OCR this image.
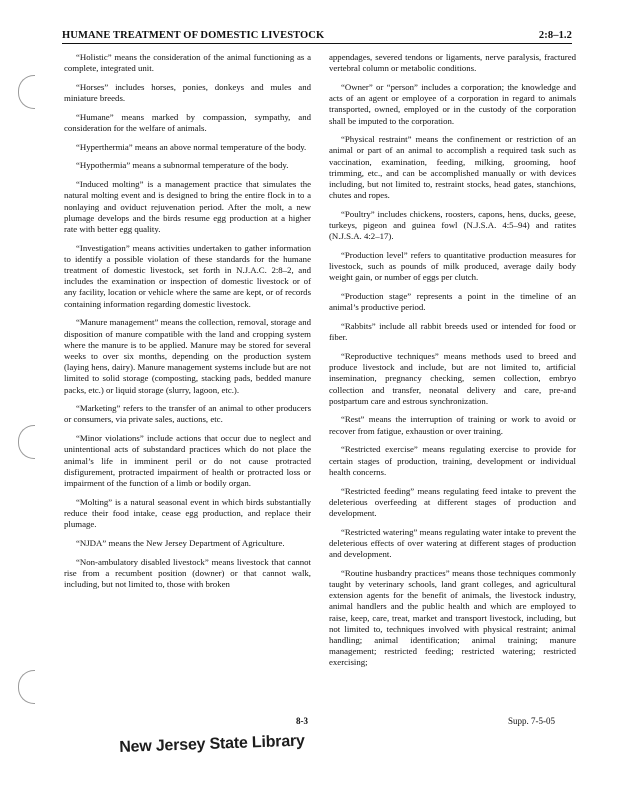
HUMANE TREATMENT OF DOMESTIC LIVESTOCK	2:8–1.2

“Holistic” means the consideration of the animal functioning as a complete, integrated unit.

“Horses” includes horses, ponies, donkeys and mules and miniature breeds.

“Humane” means marked by compassion, sympathy, and consideration for the welfare of animals.

“Hyperthermia” means an above normal temperature of the body.

“Hypothermia” means a subnormal temperature of the body.

“Induced molting” is a management practice that simulates the natural molting event and is designed to bring the entire flock in to a nonlaying and oviduct rejuvenation period. After the molt, a new plumage develops and the birds resume egg production at a higher rate with better egg quality.

“Investigation” means activities undertaken to gather information to identify a possible violation of these standards for the humane treatment of domestic livestock, set forth in N.J.A.C. 2:8–2, and includes the examination or inspection of domestic livestock or of any facility, location or vehicle where the same are kept, or of records containing information regarding domestic livestock.

“Manure management” means the collection, removal, storage and disposition of manure compatible with the land and cropping system where the manure is to be applied. Manure may be stored for several weeks to over six months, depending on the production system (laying hens, dairy). Manure management systems include but are not limited to solid storage (composting, stacking pads, bedded manure packs, etc.) or liquid storage (slurry, lagoon, etc.).

“Marketing” refers to the transfer of an animal to other producers or consumers, via private sales, auctions, etc.

“Minor violations” include actions that occur due to neglect and unintentional acts of substandard practices which do not place the animal’s life in imminent peril or do not cause protracted disfigurement, protracted impairment of health or protracted loss or impairment of the function of a limb or bodily organ.

“Molting” is a natural seasonal event in which birds substantially reduce their food intake, cease egg production, and replace their plumage.

“NJDA” means the New Jersey Department of Agriculture.

“Non-ambulatory disabled livestock” means livestock that cannot rise from a recumbent position (downer) or that cannot walk, including, but not limited to, those with broken

appendages, severed tendons or ligaments, nerve paralysis, fractured vertebral column or metabolic conditions.

“Owner” or “person” includes a corporation; the knowledge and acts of an agent or employee of a corporation in regard to animals transported, owned, employed or in the custody of the corporation shall be imputed to the corporation.

“Physical restraint” means the confinement or restriction of an animal or part of an animal to accomplish a required task such as vaccination, examination, feeding, milking, grooming, hoof trimming, etc., and can be accomplished manually or with devices including, but not limited to, restraint stocks, head gates, stanchions, chutes and ropes.

“Poultry” includes chickens, roosters, capons, hens, ducks, geese, turkeys, pigeon and guinea fowl (N.J.S.A. 4:5–94) and ratites (N.J.S.A. 4:2–17).

“Production level” refers to quantitative production measures for livestock, such as pounds of milk produced, average daily body weight gain, or number of eggs per clutch.

“Production stage” represents a point in the timeline of an animal’s productive period.

“Rabbits” include all rabbit breeds used or intended for food or fiber.

“Reproductive techniques” means methods used to breed and produce livestock and include, but are not limited to, artificial insemination, pregnancy checking, semen collection, embryo collection and transfer, neonatal delivery and care, pre-and postpartum care and estrous synchronization.

“Rest” means the interruption of training or work to avoid or recover from fatigue, exhaustion or over training.

“Restricted exercise” means regulating exercise to provide for certain stages of production, training, development or individual health concerns.

“Restricted feeding” means regulating feed intake to prevent the deleterious overfeeding at different stages of production and development.

“Restricted watering” means regulating water intake to prevent the deleterious effects of over watering at different stages of production and development.

“Routine husbandry practices” means those techniques commonly taught by veterinary schools, land grant colleges, and agricultural extension agents for the benefit of animals, the livestock industry, animal handlers and the public health and which are employed to raise, keep, care, treat, market and transport livestock, including, but not limited to, techniques involved with physical restraint; animal handling; animal identification; animal training; manure management; restricted feeding; restricted watering; restricted exercising;

8-3	Supp. 7-5-05
New Jersey State Library
